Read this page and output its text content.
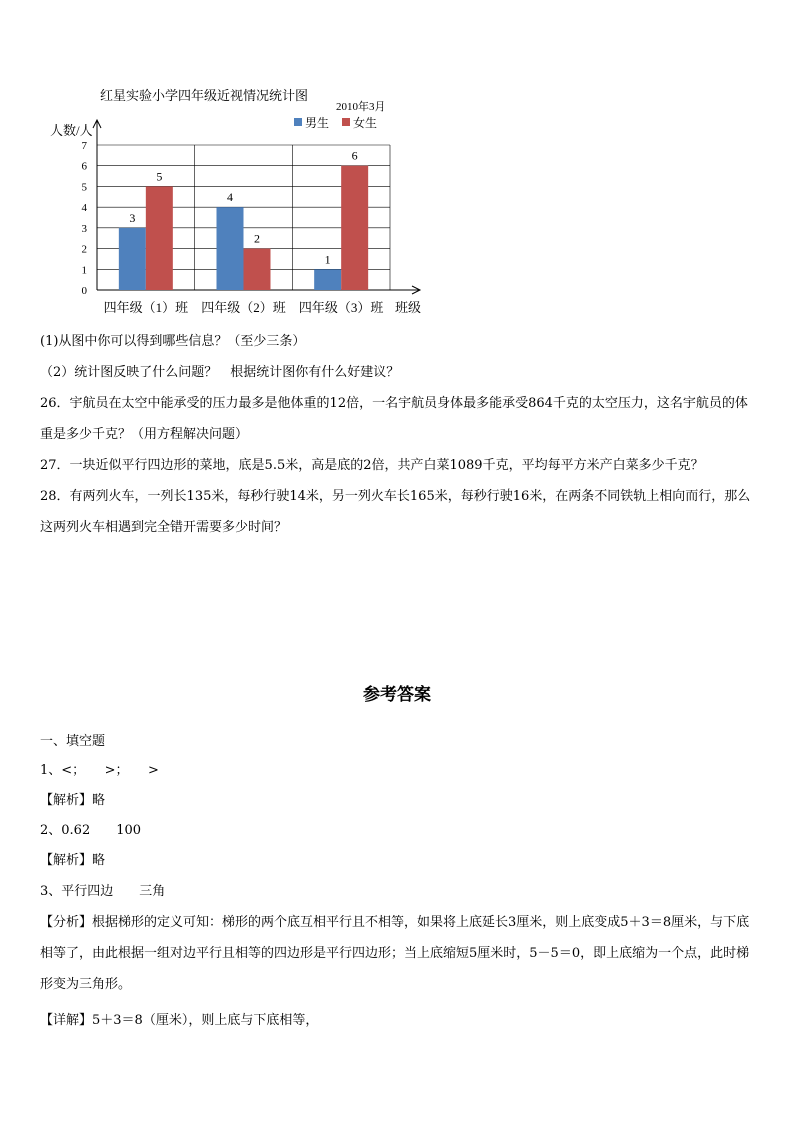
红星实验小学四年级近视情况统计图
2010年3月
人数/人	男生 女生
0
1
2
3
4
5
6
7
3
5
四年级（1）班
4
2
四年级（2）班
1
6
四年级（3）班 班级
(1)从图中你可以得到哪些信息？（至少三条）
（2）统计图反映了什么问题？　根据统计图你有什么好建议？
26．宇航员在太空中能承受的压力最多是他体重的12倍，一名宇航员身体最多能承受864千克的太空压力，这名宇航员的体重是多少千克？（用方程解决问题）
27．一块近似平行四边形的菜地，底是5.5米，高是底的2倍，共产白菜1089千克，平均每平方米产白菜多少千克？
28．有两列火车，一列长135米，每秒行驶14米，另一列火车长165米，每秒行驶16米，在两条不同铁轨上相向而行，那么这两列火车相遇到完全错开需要多少时间？
参考答案
一、填空题
1、<；　　>；　　>
【解析】略
2、0.62　　100
【解析】略
3、平行四边　　三角
【分析】根据梯形的定义可知：梯形的两个底互相平行且不相等，如果将上底延长3厘米，则上底变成5＋3＝8厘米，与下底相等了，由此根据一组对边平行且相等的四边形是平行四边形；当上底缩短5厘米时，5－5＝0，即上底缩为一个点，此时梯形变为三角形。
【详解】5＋3＝8（厘米），则上底与下底相等，
